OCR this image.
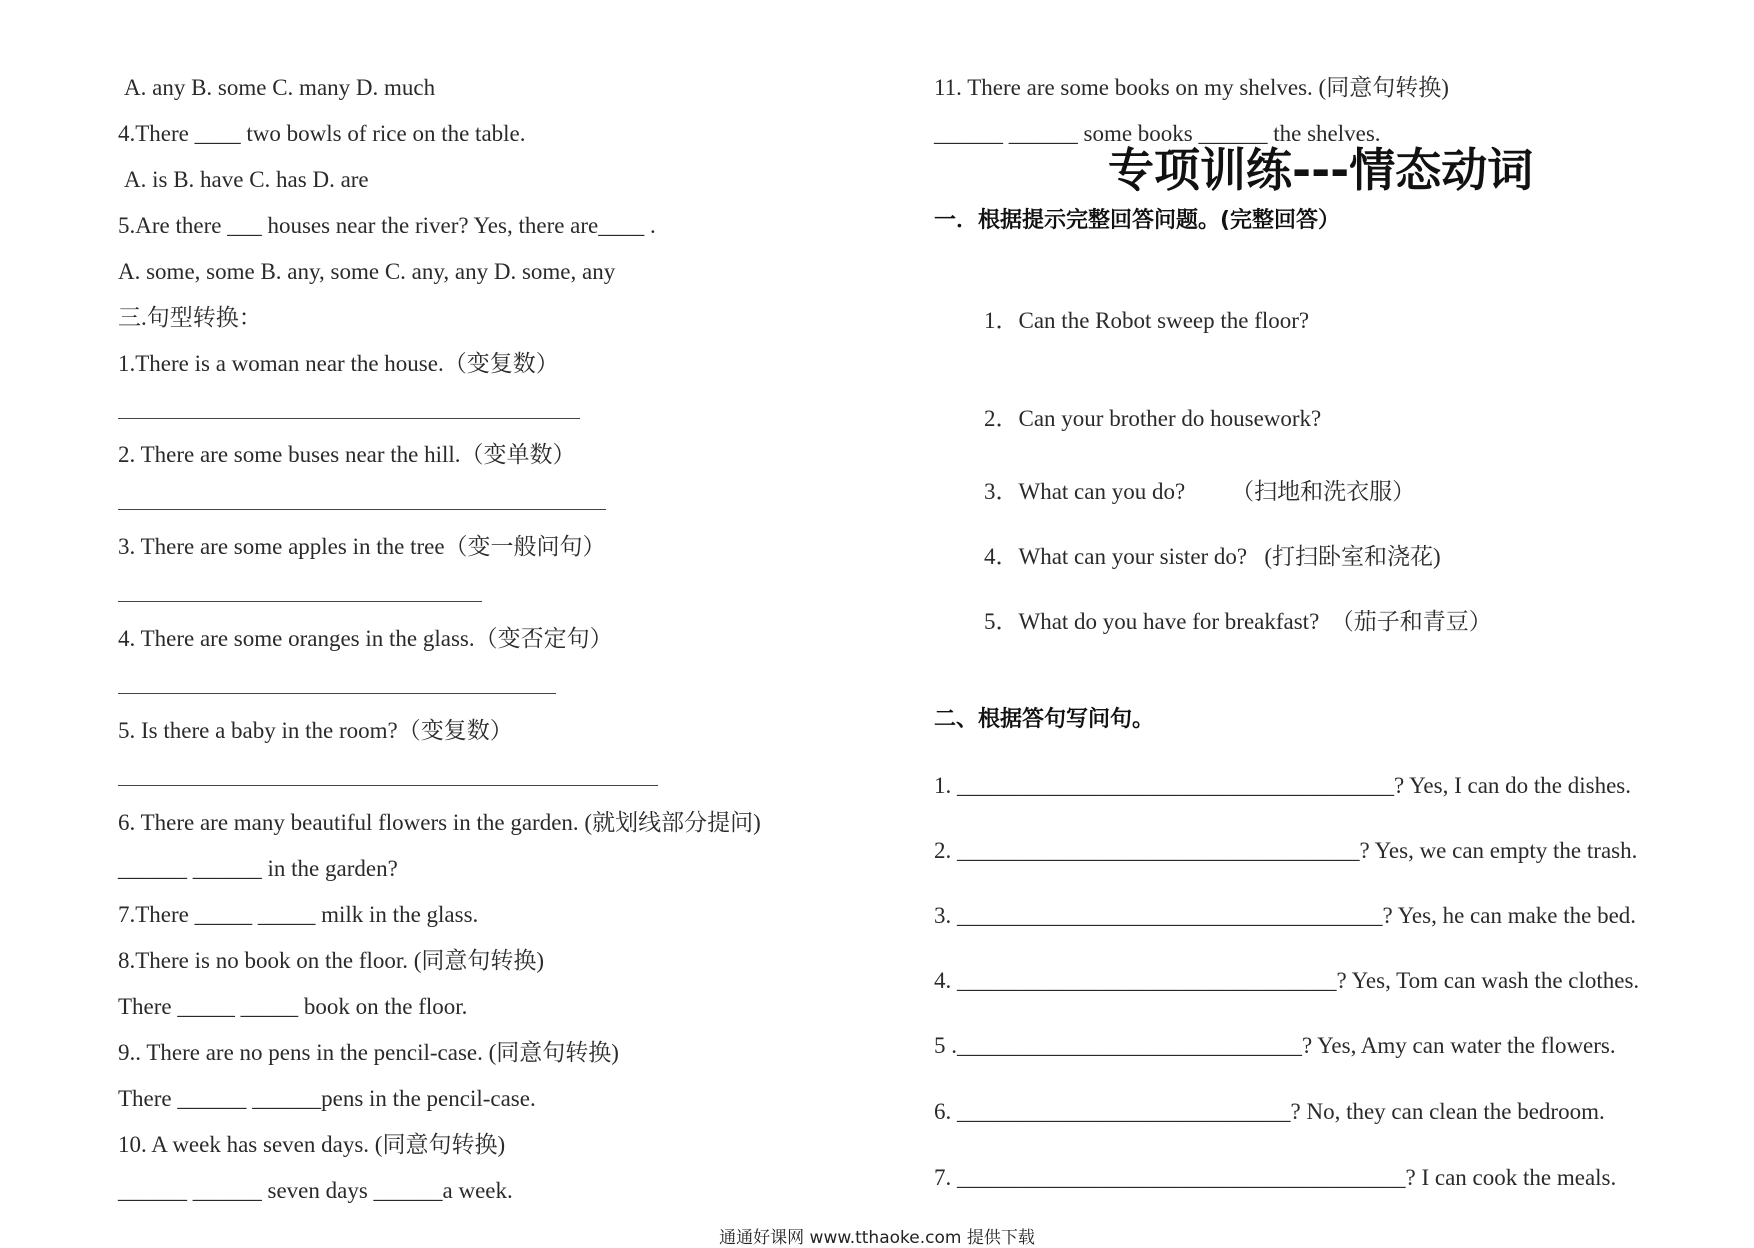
A. any B. some C. many D. much
4.There ____ two bowls of rice on the table.
A. is B. have C. has D. are
5.Are there ___ houses near the river? Yes, there are____ .
A. some, some B. any, some C. any, any D. some, any
三.句型转换：
1.There is a woman near the house.（变复数）
2. There are some buses near the hill.（变单数）
3. There are some apples in the tree（变一般问句）
4. There are some oranges in the glass.（变否定句）
5. Is there a baby in the room?（变复数）
6. There are many beautiful flowers in the garden. (就划线部分提问)
______ ______ in the garden?
7.There _____ _____ milk in the glass.
8.There is no book on the floor. (同意句转换)
There _____ _____ book on the floor.
9.. There are no pens in the pencil-case. (同意句转换)
There ______ ______pens in the pencil-case.
10. A week has seven days. (同意句转换)
______ ______ seven days ______a week.
11. There are some books on my shelves. (同意句转换)
______ ______ some books ______ the shelves.
专项训练---情态动词
一．根据提示完整回答问题。(完整回答）
1．Can the Robot sweep the floor?
2．Can your brother do housework?
3．What can you do?        （扫地和洗衣服）
4．What can your sister do?   (打扫卧室和浇花)
5．What do you have for breakfast?  （茄子和青豆）
二、根据答句写问句。
1. ______________________________________? Yes, I can do the dishes.
2. ___________________________________? Yes, we can empty the trash.
3. _____________________________________? Yes, he can make the bed.
4. _________________________________? Yes, Tom can wash the clothes.
5 .______________________________? Yes, Amy can water the flowers.
6. _____________________________? No, they can clean the bedroom.
7. _______________________________________? I can cook the meals.
通通好课网 www.tthaoke.com 提供下载
